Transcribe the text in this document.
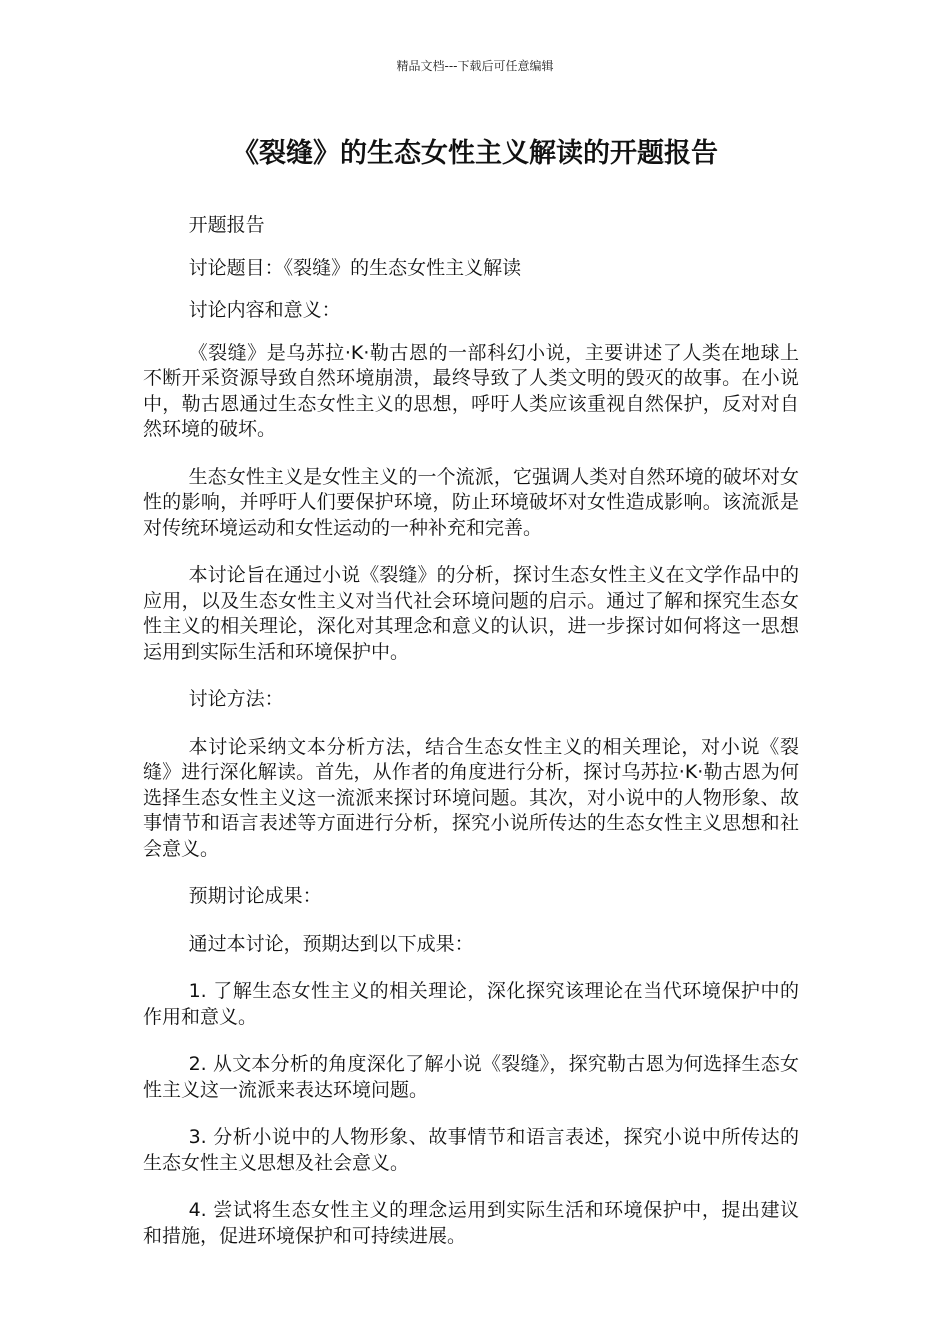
精品文档---下载后可任意编辑
《裂缝》的生态女性主义解读的开题报告

开题报告

讨论题目：《裂缝》的生态女性主义解读

讨论内容和意义：

《裂缝》是乌苏拉·K·勒古恩的一部科幻小说，主要讲述了人类在地球上不断开采资源导致自然环境崩溃，最终导致了人类文明的毁灭的故事。在小说中，勒古恩通过生态女性主义的思想，呼吁人类应该重视自然保护，反对对自然环境的破坏。

生态女性主义是女性主义的一个流派，它强调人类对自然环境的破坏对女性的影响，并呼吁人们要保护环境，防止环境破坏对女性造成影响。该流派是对传统环境运动和女性运动的一种补充和完善。

本讨论旨在通过小说《裂缝》的分析，探讨生态女性主义在文学作品中的应用，以及生态女性主义对当代社会环境问题的启示。通过了解和探究生态女性主义的相关理论，深化对其理念和意义的认识，进一步探讨如何将这一思想运用到实际生活和环境保护中。

讨论方法：

本讨论采纳文本分析方法，结合生态女性主义的相关理论，对小说《裂缝》进行深化解读。首先，从作者的角度进行分析，探讨乌苏拉·K·勒古恩为何选择生态女性主义这一流派来探讨环境问题。其次，对小说中的人物形象、故事情节和语言表述等方面进行分析，探究小说所传达的生态女性主义思想和社会意义。

预期讨论成果：

通过本讨论，预期达到以下成果：

1. 了解生态女性主义的相关理论，深化探究该理论在当代环境保护中的作用和意义。

2. 从文本分析的角度深化了解小说《裂缝》，探究勒古恩为何选择生态女性主义这一流派来表达环境问题。

3. 分析小说中的人物形象、故事情节和语言表述，探究小说中所传达的生态女性主义思想及社会意义。

4. 尝试将生态女性主义的理念运用到实际生活和环境保护中，提出建议和措施，促进环境保护和可持续进展。
